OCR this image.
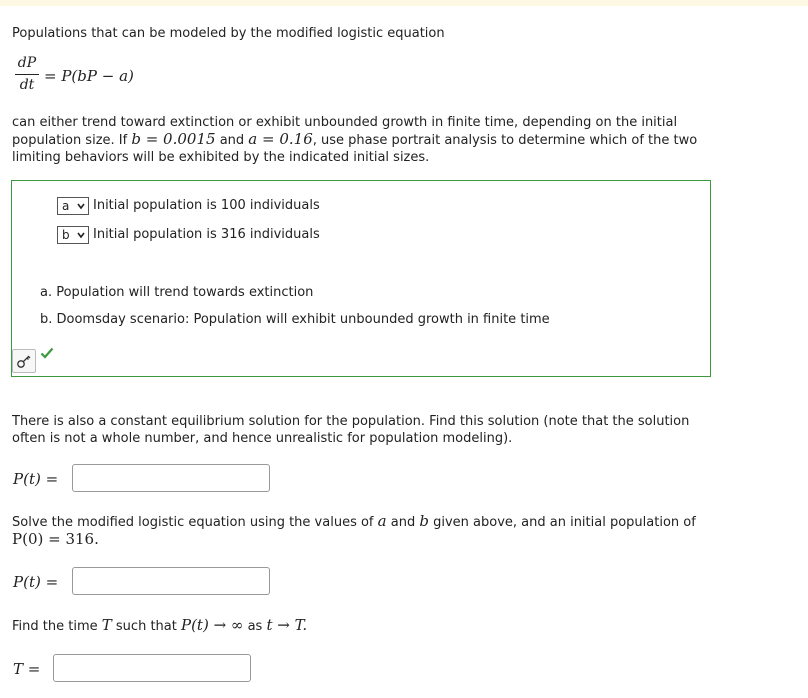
Populations that can be modeled by the modified logistic equation
dP
dt = P(bP − a)
can either trend toward extinction or exhibit unbounded growth in finite time, depending on the initial
population size. If b = 0.0015 and a = 0.16, use phase portrait analysis to determine which of the two
limiting behaviors will be exhibited by the indicated initial sizes.
a Initial population is 100 individuals
b Initial population is 316 individuals
a. Population will trend towards extinction
b. Doomsday scenario: Population will exhibit unbounded growth in finite time
There is also a constant equilibrium solution for the population. Find this solution (note that the solution
often is not a whole number, and hence unrealistic for population modeling).
P(t) =
Solve the modified logistic equation using the values of a and b given above, and an initial population of
P(0) = 316.
P(t) =
Find the time T such that P(t) → ∞ as t → T.
T =
